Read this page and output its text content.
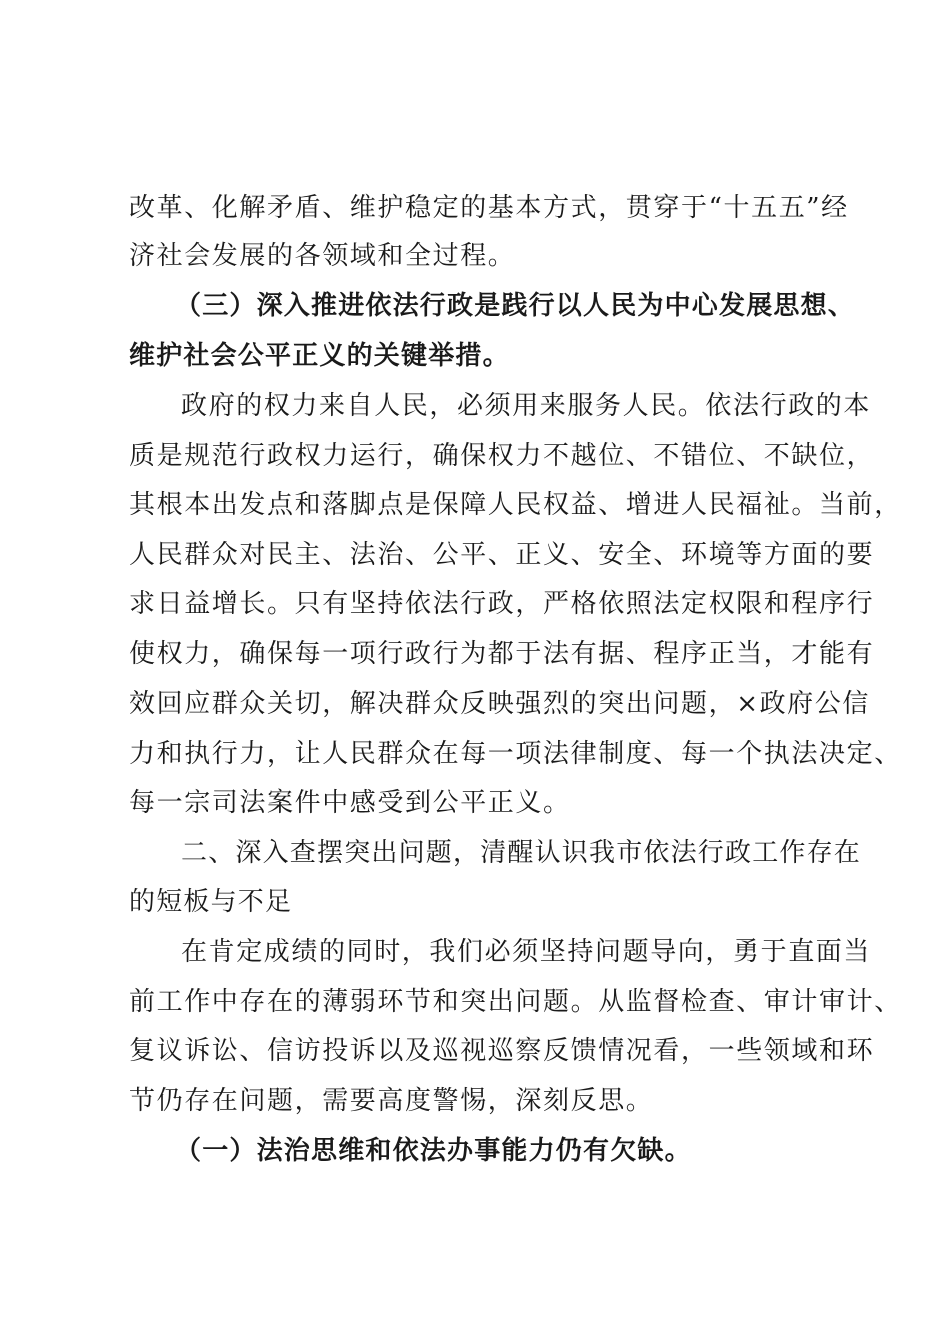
改革、化解矛盾、维护稳定的基本方式，贯穿于“十五五”经
济社会发展的各领域和全过程。
（三）深入推进依法行政是践行以人民为中心发展思想、
维护社会公平正义的关键举措。
政府的权力来自人民，必须用来服务人民。依法行政的本
质是规范行政权力运行，确保权力不越位、不错位、不缺位，
其根本出发点和落脚点是保障人民权益、增进人民福祉。当前，
人民群众对民主、法治、公平、正义、安全、环境等方面的要
求日益增长。只有坚持依法行政，严格依照法定权限和程序行
使权力，确保每一项行政行为都于法有据、程序正当，才能有
效回应群众关切，解决群众反映强烈的突出问题，×政府公信
力和执行力，让人民群众在每一项法律制度、每一个执法决定、
每一宗司法案件中感受到公平正义。
二、深入查摆突出问题，清醒认识我市依法行政工作存在
的短板与不足
在肯定成绩的同时，我们必须坚持问题导向，勇于直面当
前工作中存在的薄弱环节和突出问题。从监督检查、审计审计、
复议诉讼、信访投诉以及巡视巡察反馈情况看，一些领域和环
节仍存在问题，需要高度警惕，深刻反思。
（一）法治思维和依法办事能力仍有欠缺。
